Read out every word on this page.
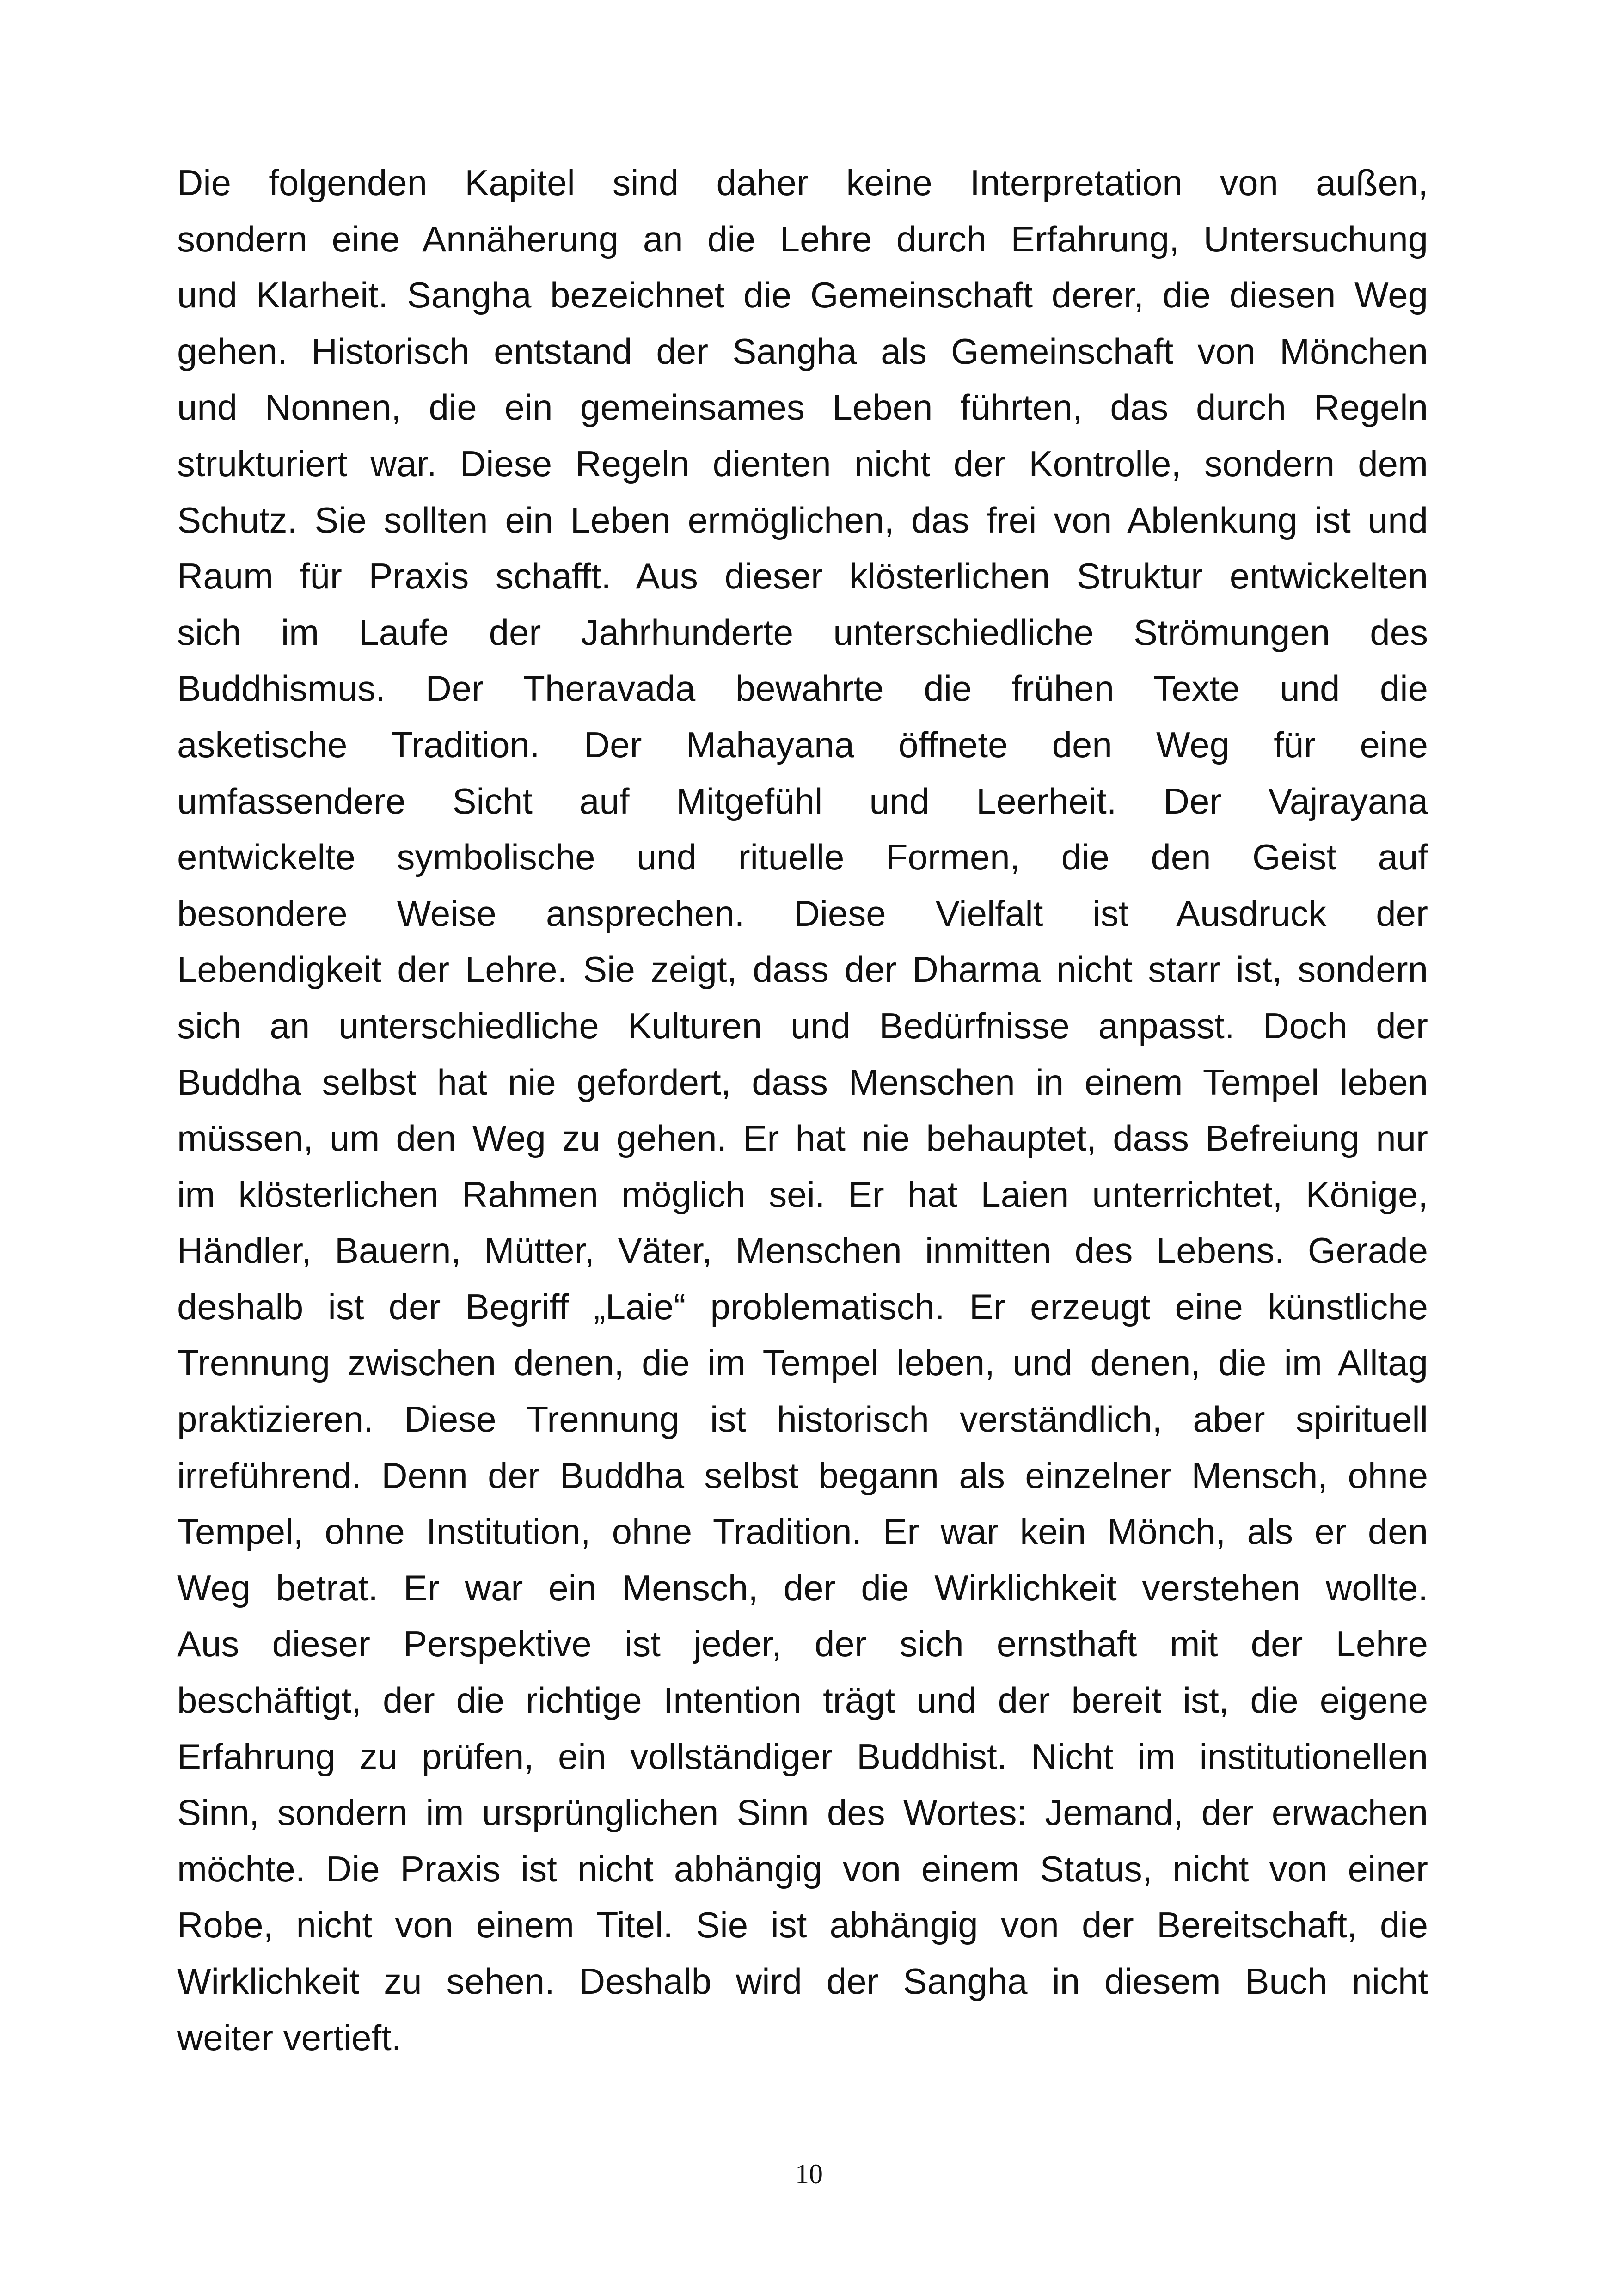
Die folgenden Kapitel sind daher keine Interpretation von außen,
sondern eine Annäherung an die Lehre durch Erfahrung, Untersuchung
und Klarheit. Sangha bezeichnet die Gemeinschaft derer, die diesen Weg
gehen. Historisch entstand der Sangha als Gemeinschaft von Mönchen
und Nonnen, die ein gemeinsames Leben führten, das durch Regeln
strukturiert war. Diese Regeln dienten nicht der Kontrolle, sondern dem
Schutz. Sie sollten ein Leben ermöglichen, das frei von Ablenkung ist und
Raum für Praxis schafft. Aus dieser klösterlichen Struktur entwickelten
sich im Laufe der Jahrhunderte unterschiedliche Strömungen des
Buddhismus. Der Theravada bewahrte die frühen Texte und die
asketische Tradition. Der Mahayana öffnete den Weg für eine
umfassendere Sicht auf Mitgefühl und Leerheit. Der Vajrayana
entwickelte symbolische und rituelle Formen, die den Geist auf
besondere Weise ansprechen. Diese Vielfalt ist Ausdruck der
Lebendigkeit der Lehre. Sie zeigt, dass der Dharma nicht starr ist, sondern
sich an unterschiedliche Kulturen und Bedürfnisse anpasst. Doch der
Buddha selbst hat nie gefordert, dass Menschen in einem Tempel leben
müssen, um den Weg zu gehen. Er hat nie behauptet, dass Befreiung nur
im klösterlichen Rahmen möglich sei. Er hat Laien unterrichtet, Könige,
Händler, Bauern, Mütter, Väter, Menschen inmitten des Lebens. Gerade
deshalb ist der Begriff „Laie“ problematisch. Er erzeugt eine künstliche
Trennung zwischen denen, die im Tempel leben, und denen, die im Alltag
praktizieren. Diese Trennung ist historisch verständlich, aber spirituell
irreführend. Denn der Buddha selbst begann als einzelner Mensch, ohne
Tempel, ohne Institution, ohne Tradition. Er war kein Mönch, als er den
Weg betrat. Er war ein Mensch, der die Wirklichkeit verstehen wollte.
Aus dieser Perspektive ist jeder, der sich ernsthaft mit der Lehre
beschäftigt, der die richtige Intention trägt und der bereit ist, die eigene
Erfahrung zu prüfen, ein vollständiger Buddhist. Nicht im institutionellen
Sinn, sondern im ursprünglichen Sinn des Wortes: Jemand, der erwachen
möchte. Die Praxis ist nicht abhängig von einem Status, nicht von einer
Robe, nicht von einem Titel. Sie ist abhängig von der Bereitschaft, die
Wirklichkeit zu sehen. Deshalb wird der Sangha in diesem Buch nicht
weiter vertieft.
10
